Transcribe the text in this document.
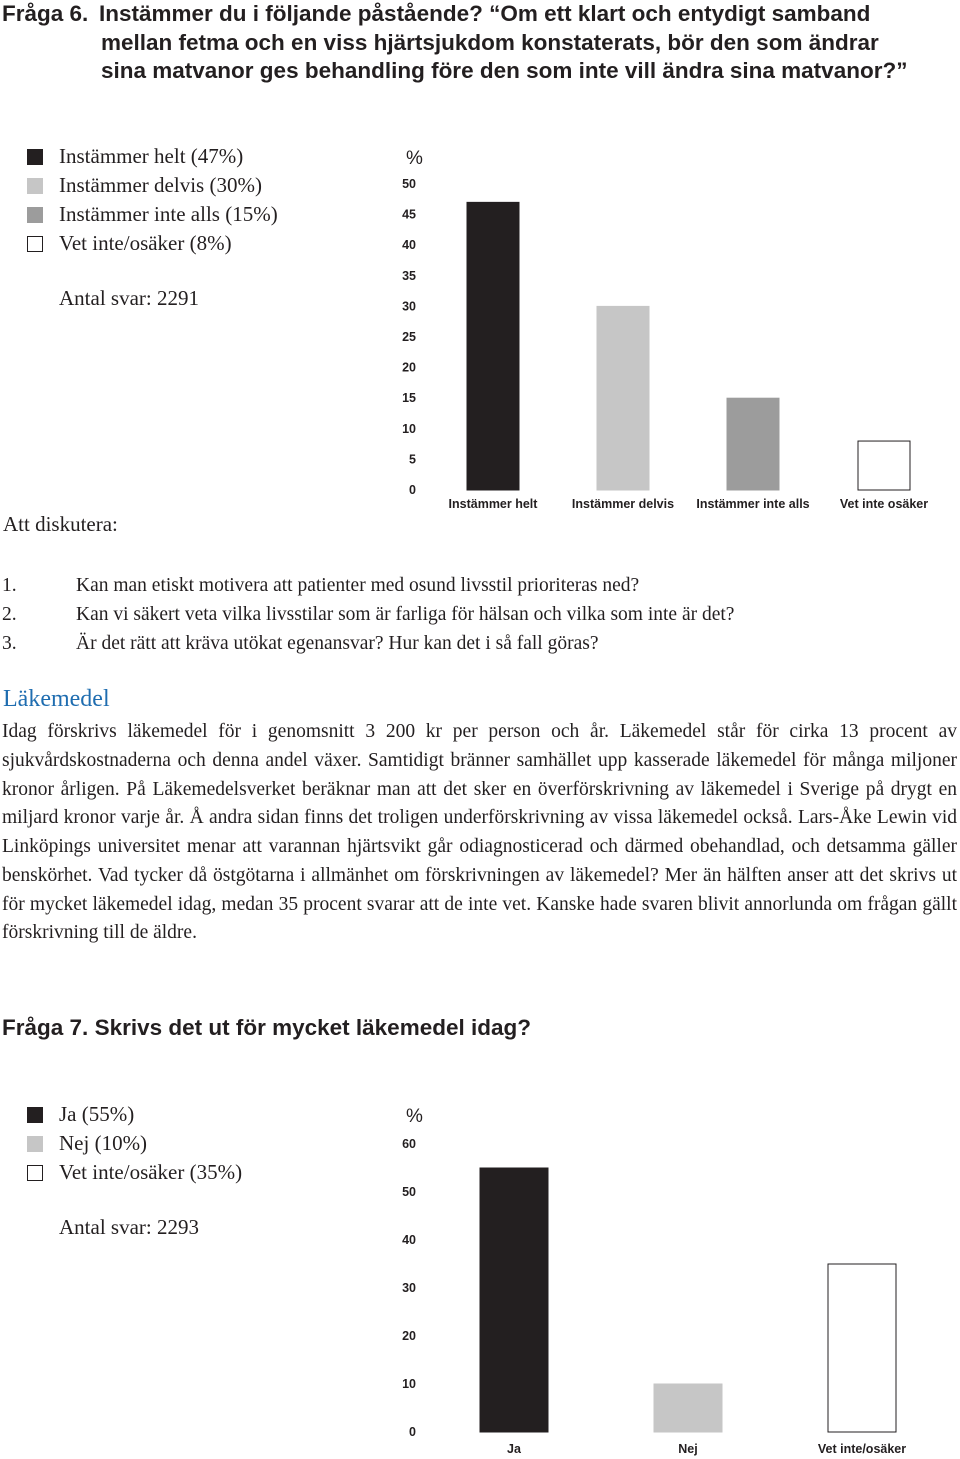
Fråga 6. Instämmer du i följande påstående? “Om ett klart och entydigt samband
mellan fetma och en viss hjärtsjukdom konstaterats, bör den som ändrar
sina matvanor ges behandling före den som inte vill ändra sina matvanor?”
Instämmer helt (47%)
Instämmer delvis (30%)
Instämmer inte alls (15%)
Vet inte/osäker (8%)
Antal svar: 2291
%
0
5
10
15
20
25
30
35
40
45
50
Instämmer helt	Instämmer delvis Instämmer inte alls Vet inte osäker
Att diskutera:
1.	Kan man etiskt motivera att patienter med osund livsstil prioriteras ned?
2.	Kan vi säkert veta vilka livsstilar som är farliga för hälsan och vilka som inte är det?
3.	Är det rätt att kräva utökat egenansvar? Hur kan det i så fall göras?
Läkemedel

Idag förskrivs läkemedel för i genomsnitt 3 200 kr per person och år. Läkemedel står för cirka 13 procent av sjukvårdskostnaderna och denna andel växer. Samtidigt bränner samhället upp kasserade läkemedel för många miljoner kronor årligen. På Läkemedelsverket beräknar man att det sker en överförskrivning av läkemedel i Sverige på drygt en miljard kronor varje år. Å andra sidan finns det troligen underförskrivning av vissa läkemedel också. Lars-Åke Lewin vid Linköpings universitet menar att varannan hjärtsvikt går odiagnosticerad och därmed obehandlad, och detsamma gäller benskörhet. Vad tycker då östgötarna i allmänhet om förskrivningen av läkemedel? Mer än hälften anser att det skrivs ut för mycket läkemedel idag, medan 35 procent svarar att de inte vet. Kanske hade svaren blivit annorlunda om frågan gällt förskrivning till de äldre.

Fråga 7. Skrivs det ut för mycket läkemedel idag?
Ja (55%)
Nej (10%)
Vet inte/osäker (35%)
Antal svar: 2293
%
0
10
20
30
40
50
60
Ja	Nej	Vet inte/osäker
